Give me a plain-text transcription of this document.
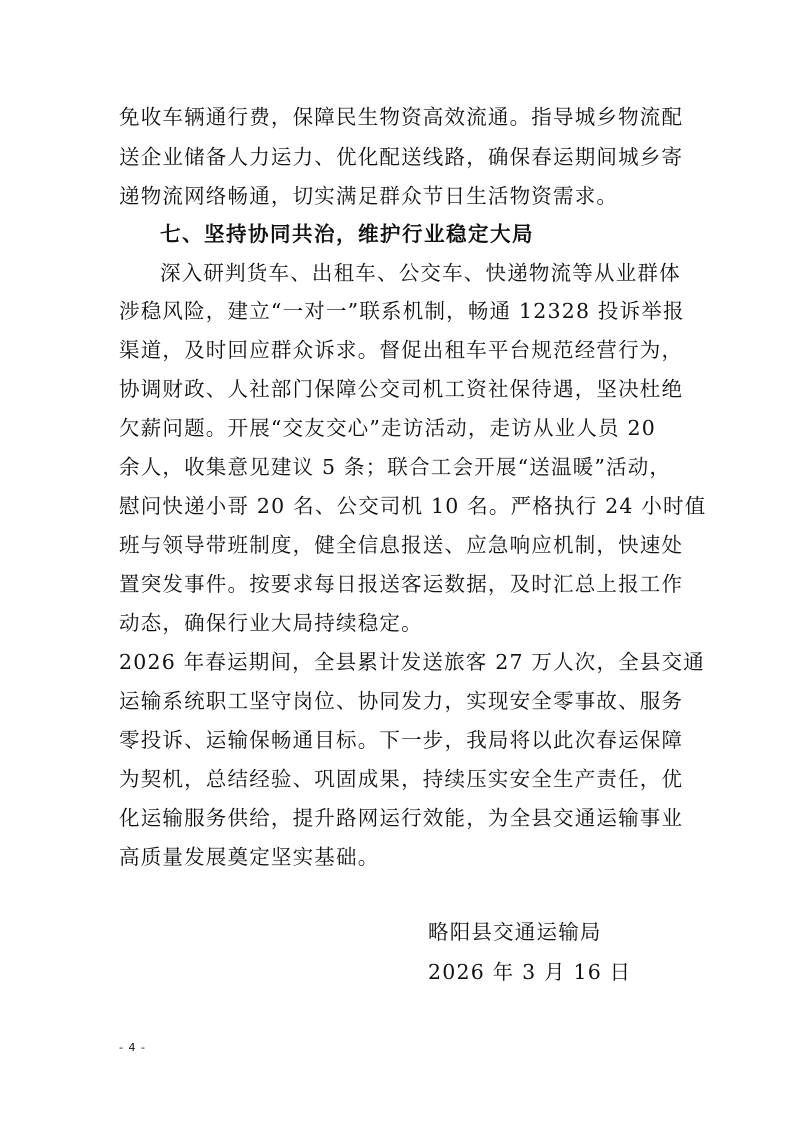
免收车辆通行费，保障民生物资高效流通。指导城乡物流配
送企业储备人力运力、优化配送线路，确保春运期间城乡寄
递物流网络畅通，切实满足群众节日生活物资需求。
七、坚持协同共治，维护行业稳定大局
深入研判货车、出租车、公交车、快递物流等从业群体
涉稳风险，建立“一对一”联系机制，畅通 12328 投诉举报
渠道，及时回应群众诉求。督促出租车平台规范经营行为，
协调财政、人社部门保障公交司机工资社保待遇，坚决杜绝
欠薪问题。开展“交友交心”走访活动，走访从业人员 20
余人，收集意见建议 5 条；联合工会开展“送温暖”活动，
慰问快递小哥 20 名、公交司机 10 名。严格执行 24 小时值
班与领导带班制度，健全信息报送、应急响应机制，快速处
置突发事件。按要求每日报送客运数据，及时汇总上报工作
动态，确保行业大局持续稳定。
2026 年春运期间，全县累计发送旅客 27 万人次，全县交通
运输系统职工坚守岗位、协同发力，实现安全零事故、服务
零投诉、运输保畅通目标。下一步，我局将以此次春运保障
为契机，总结经验、巩固成果，持续压实安全生产责任，优
化运输服务供给，提升路网运行效能，为全县交通运输事业
高质量发展奠定坚实基础。
略阳县交通运输局
2026 年 3 月 16 日
- 4 -
